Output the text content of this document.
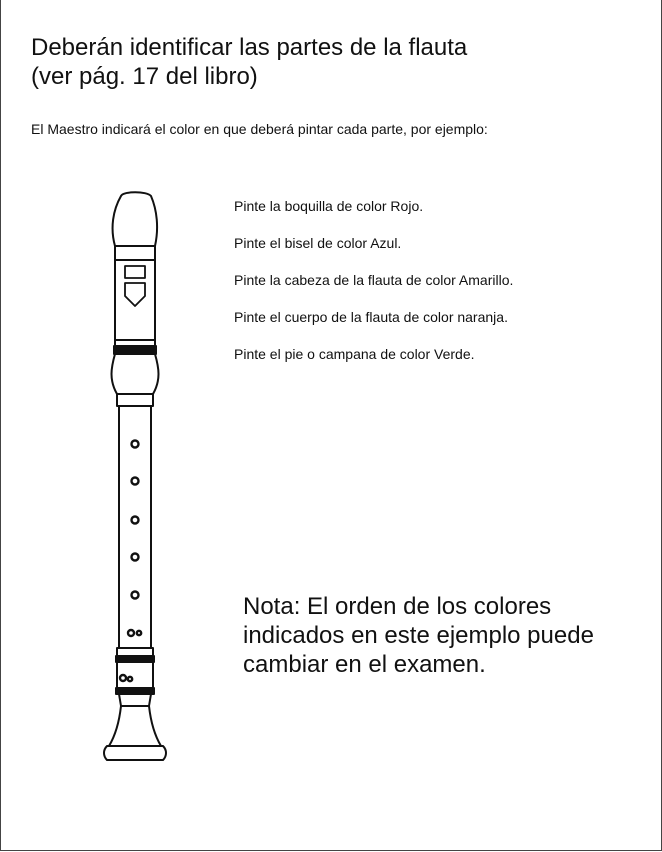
Deberán identificar las partes de la flauta
(ver pág. 17 del libro)

El Maestro indicará el color en que deberá pintar cada parte, por ejemplo:

Pinte la boquilla de color Rojo.
Pinte el bisel de color Azul.
Pinte la cabeza de la flauta de color Amarillo.
Pinte el cuerpo de la flauta de color naranja.
Pinte el pie o campana de color Verde.

Nota: El orden de los colores indicados en este ejemplo puede cambiar en el examen.
